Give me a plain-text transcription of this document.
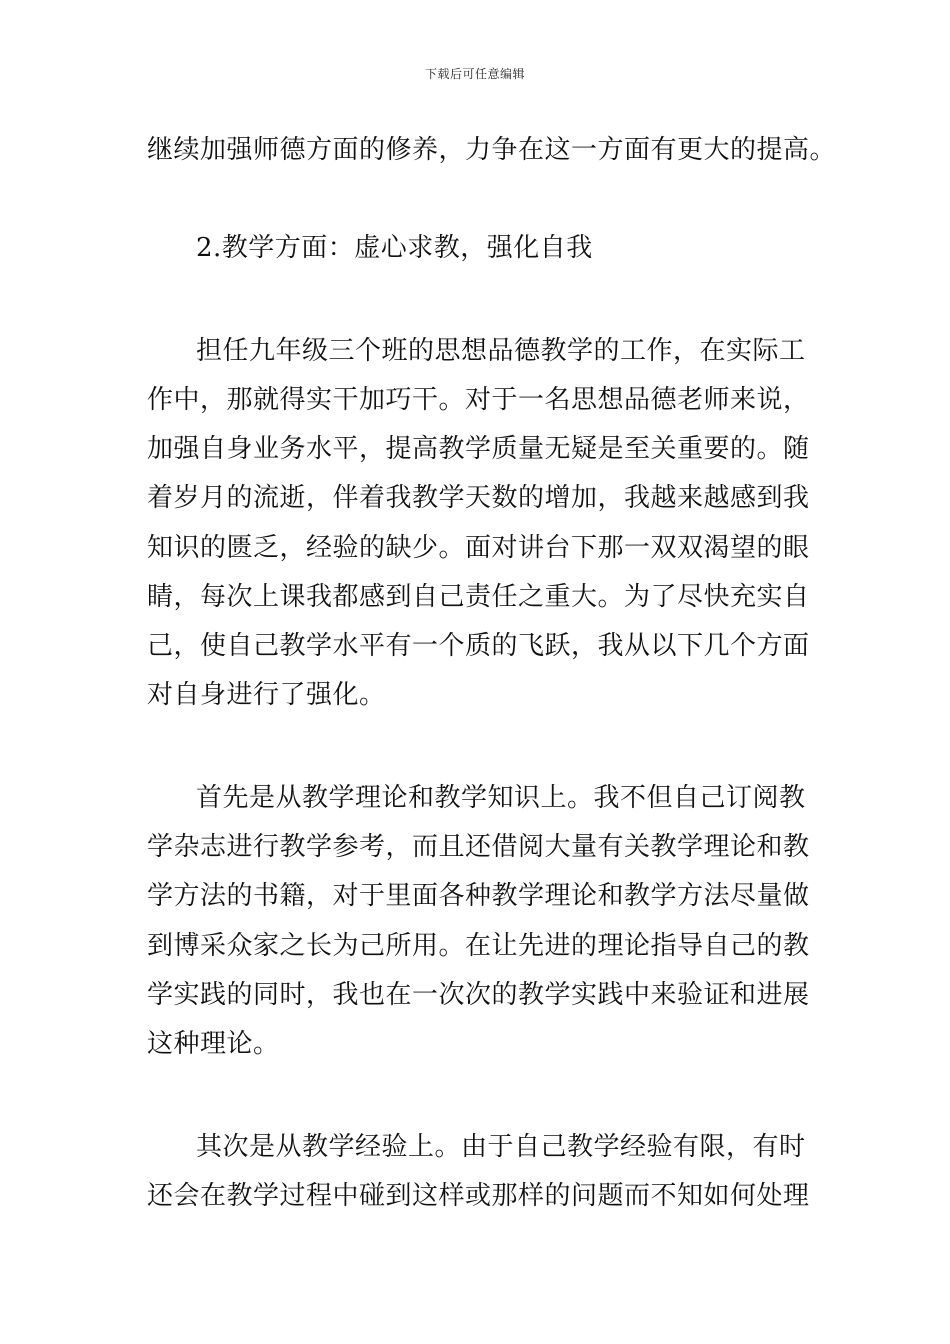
下载后可任意编辑
继续加强师德方面的修养，力争在这一方面有更大的提高。
2.教学方面：虚心求教，强化自我
担任九年级三个班的思想品德教学的工作，在实际工
作中，那就得实干加巧干。对于一名思想品德老师来说，
加强自身业务水平，提高教学质量无疑是至关重要的。随
着岁月的流逝，伴着我教学天数的增加，我越来越感到我
知识的匮乏，经验的缺少。面对讲台下那一双双渴望的眼
睛，每次上课我都感到自己责任之重大。为了尽快充实自
己，使自己教学水平有一个质的飞跃，我从以下几个方面
对自身进行了强化。
首先是从教学理论和教学知识上。我不但自己订阅教
学杂志进行教学参考，而且还借阅大量有关教学理论和教
学方法的书籍，对于里面各种教学理论和教学方法尽量做
到博采众家之长为己所用。在让先进的理论指导自己的教
学实践的同时，我也在一次次的教学实践中来验证和进展
这种理论。
其次是从教学经验上。由于自己教学经验有限，有时
还会在教学过程中碰到这样或那样的问题而不知如何处理
